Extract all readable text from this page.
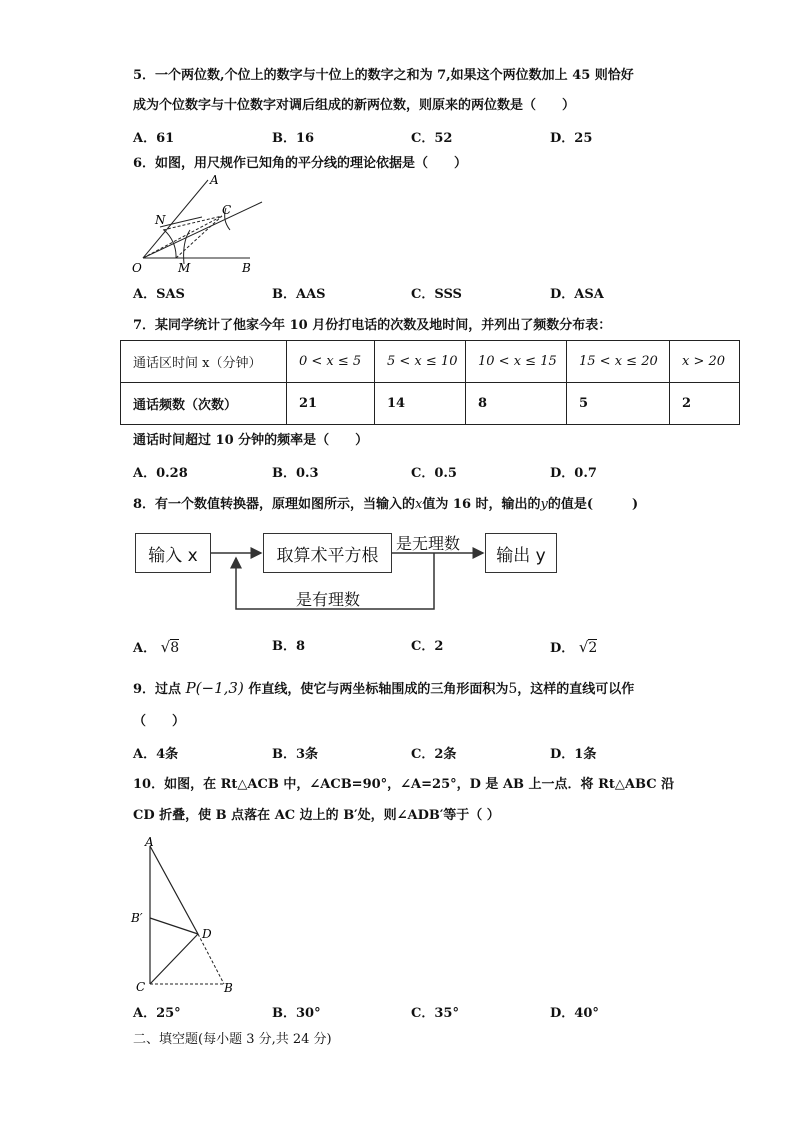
5．一个两位数,个位上的数字与十位上的数字之和为 7,如果这个两位数加上 45 则恰好
成为个位数字与十位数字对调后组成的新两位数，则原来的两位数是（　　）
A．61	B．16	C．52	D．25
6．如图，用尺规作已知角的平分线的理论依据是（　　）
A
N
C
O	M	B
A．SAS	B．AAS	C．SSS	D．ASA
7．某同学统计了他家今年 10 月份打电话的次数及地时间，并列出了频数分布表：
通话区时间 x（分钟）	0 < x ≤ 5	5 < x ≤ 10	10 < x ≤ 15	15 < x ≤ 20	x > 20
通话频数（次数）	21	14	8	5	2
通话时间超过 10 分钟的频率是（　　）
A．0.28	B．0.3	C．0.5	D．0.7
8．有一个数值转换器，原理如图所示，当输入的x值为 16 时，输出的y的值是(　　　)
输入 x	取算术平方根	输出 y
是无理数
是有理数
A． √8	B．8	C．2	D． √2
9．过点 P(−1,3) 作直线，使它与两坐标轴围成的三角形面积为5，这样的直线可以作
（　　）
A．4条	B．3条	C．2条	D．1条
10．如图，在 Rt△ACB 中，∠ACB=90°，∠A=25°，D 是 AB 上一点．将 Rt△ABC 沿
CD 折叠，使 B 点落在 AC 边上的 B′处，则∠ADB′等于（ ）
A
B′
D
C	B
A．25°	B．30°	C．35°	D．40°
二、填空题(每小题 3 分,共 24 分)
